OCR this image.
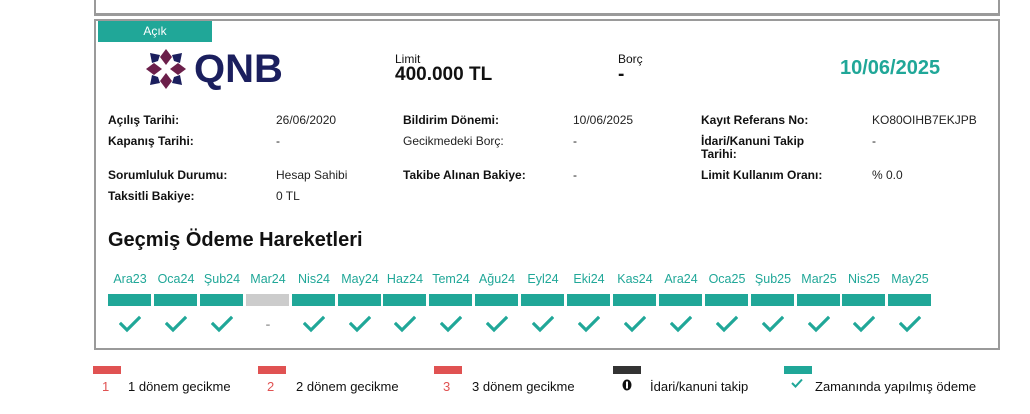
Açık
QNB	Limit
400.000 TL
Borç
-	10/06/2025
Açılış Tarihi:	26/06/2020
Kapanış Tarihi:	-
Sorumluluk Durumu:	Hesap Sahibi
Taksitli Bakiye:	0 TL
Bildirim Dönemi:	10/06/2025
Gecikmedeki Borç:	-
Takibe Alınan Bakiye:	-
Kayıt Referans No:	KO80OIHB7EKJPB
İdari/Kanuni Takip Tarihi:
-
Limit Kullanım Oranı:	% 0.0
Geçmiş Ödeme Hareketleri
Ara23 Oca24 Şub24 Mar24
-
Nis24 May24 Haz24 Tem24 Ağu24 Eyl24	Eki24	Kas24 Ara24 Oca25 Şub25 Mar25 Nis25 May25
1 1 dönem gecikme	2 2 dönem gecikme	3 3 dönem gecikme	İdari/kanuni takip	Zamanında yapılmış ödeme
